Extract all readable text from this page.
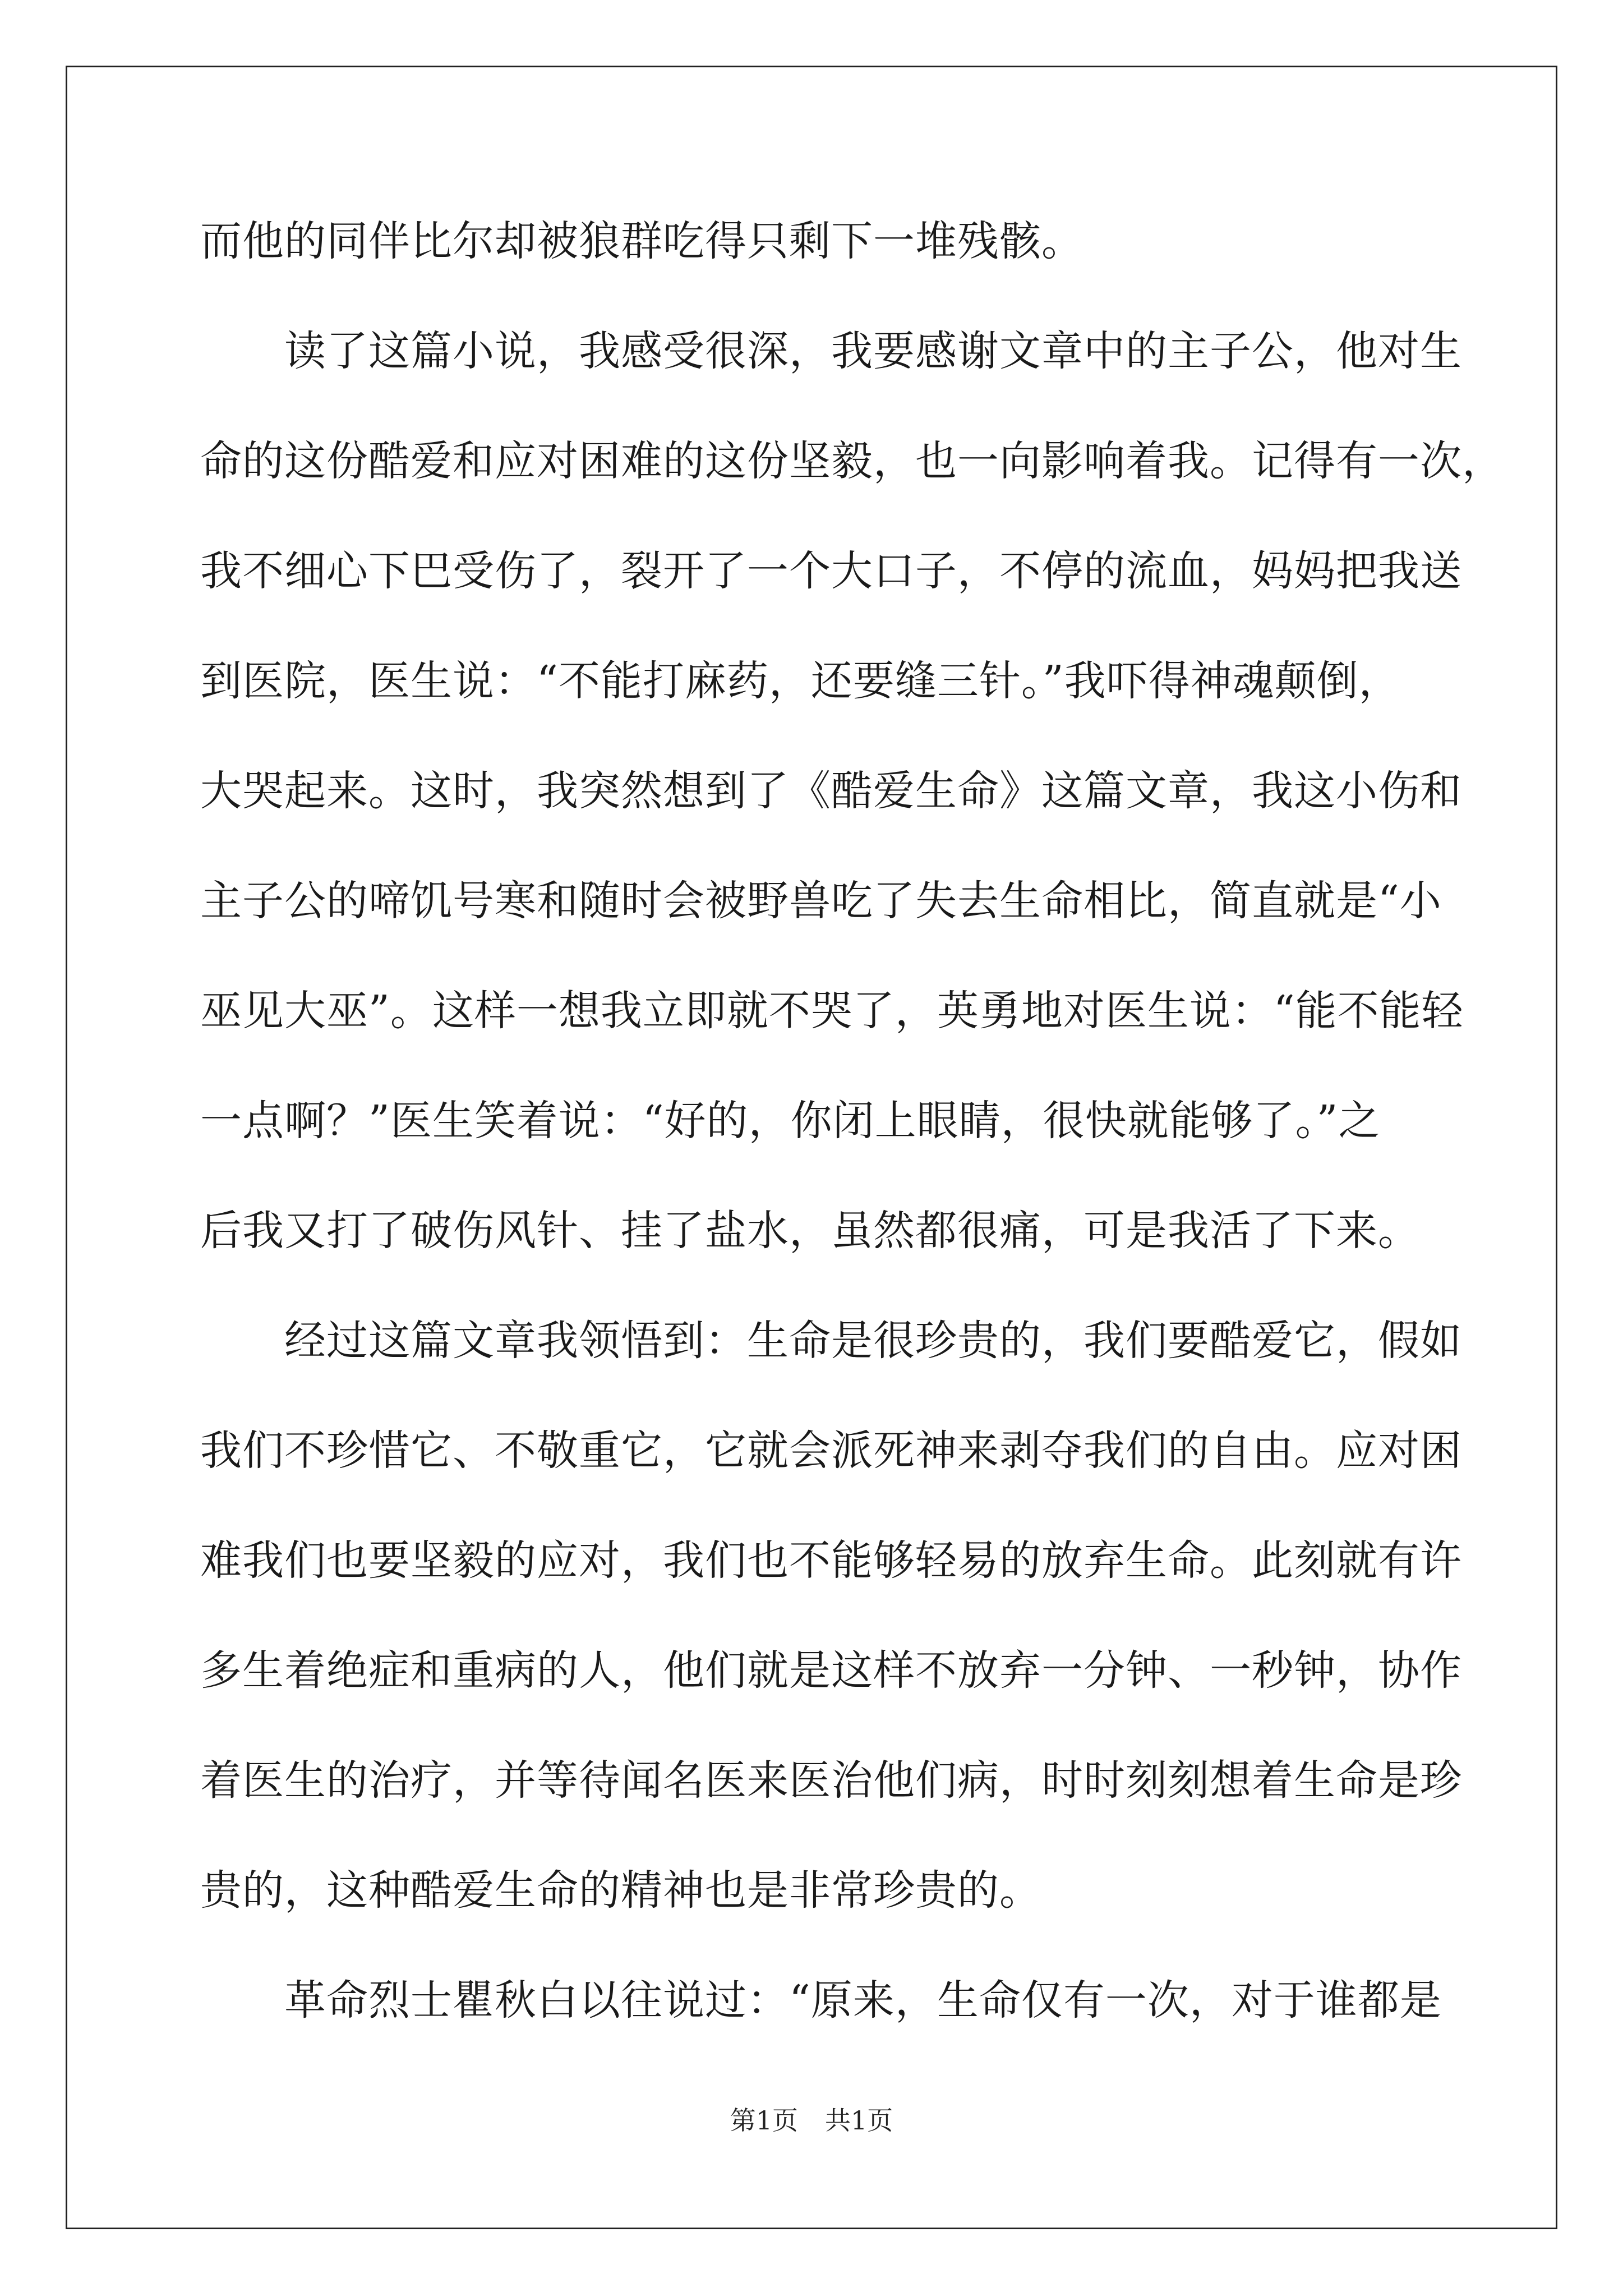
而他的同伴比尔却被狼群吃得只剩下一堆残骸。
　　读了这篇小说，我感受很深，我要感谢文章中的主子公，他对生
命的这份酷爱和应对困难的这份坚毅，也一向影响着我。记得有一次，
我不细心下巴受伤了，裂开了一个大口子，不停的流血，妈妈把我送
到医院，医生说：“不能打麻药，还要缝三针。”我吓得神魂颠倒，
大哭起来。这时，我突然想到了《酷爱生命》这篇文章，我这小伤和
主子公的啼饥号寒和随时会被野兽吃了失去生命相比，简直就是“小
巫见大巫”。这样一想我立即就不哭了，英勇地对医生说：“能不能轻
一点啊？”医生笑着说：“好的，你闭上眼睛，很快就能够了。”之
后我又打了破伤风针、挂了盐水，虽然都很痛，可是我活了下来。
　　经过这篇文章我领悟到：生命是很珍贵的，我们要酷爱它，假如
我们不珍惜它、不敬重它，它就会派死神来剥夺我们的自由。应对困
难我们也要坚毅的应对，我们也不能够轻易的放弃生命。此刻就有许
多生着绝症和重病的人，他们就是这样不放弃一分钟、一秒钟，协作
着医生的治疗，并等待闻名医来医治他们病，时时刻刻想着生命是珍
贵的，这种酷爱生命的精神也是非常珍贵的。
　　革命烈士瞿秋白以往说过：“原来，生命仅有一次，对于谁都是
第1页 共1页
